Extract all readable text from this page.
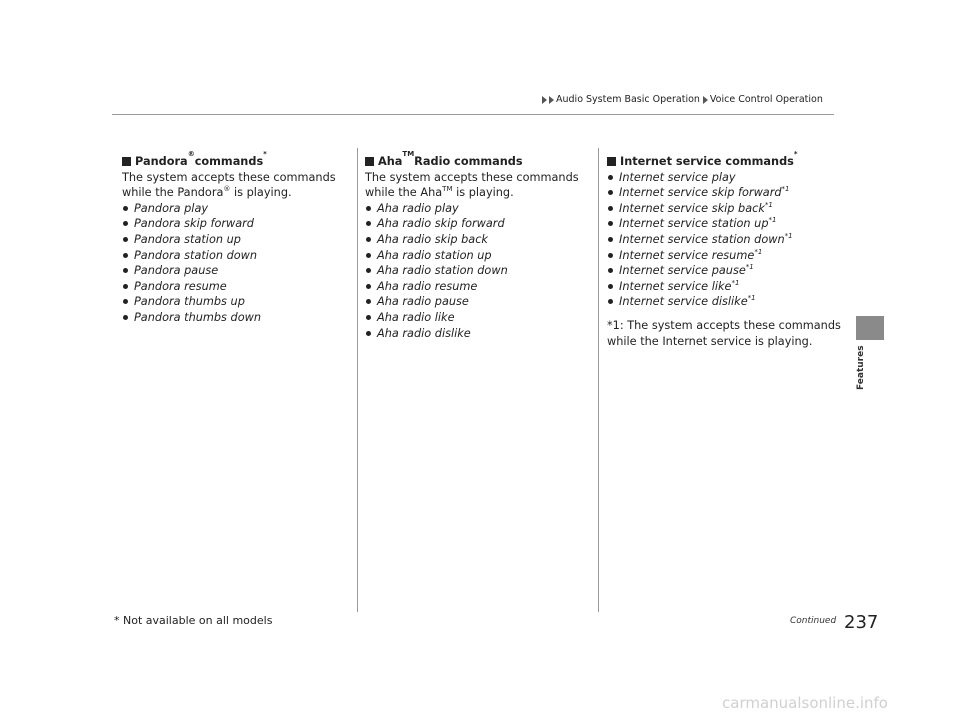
Audio System Basic Operation Voice Control Operation
Features
Pandora
®
commands
*

The system accepts these commands while the Pandora® is playing.

Pandora play
Pandora skip forward
Pandora station up
Pandora station down
Pandora pause
Pandora resume
Pandora thumbs up
Pandora thumbs down
Aha
TM
Radio commands

The system accepts these commands while the Aha™ is playing.

Aha radio play
Aha radio skip forward
Aha radio skip back
Aha radio station up
Aha radio station down
Aha radio resume
Aha radio pause
Aha radio like
Aha radio dislike
Internet service commands
*
Internet service play
Internet service skip forward$^{*1}$
Internet service skip back$^{*1}$
Internet service station $up^{*1}$
Internet service station down$^{*1}$
Internet service resume$^{*1}$
Internet service pause$^{*1}$
Internet service like$^{*1}$
Internet service dislike$^{*1}$
*1: The system accepts these commands
while the Internet service is playing.
* Not available on all models	Continued 237
carmanualsonline.info
